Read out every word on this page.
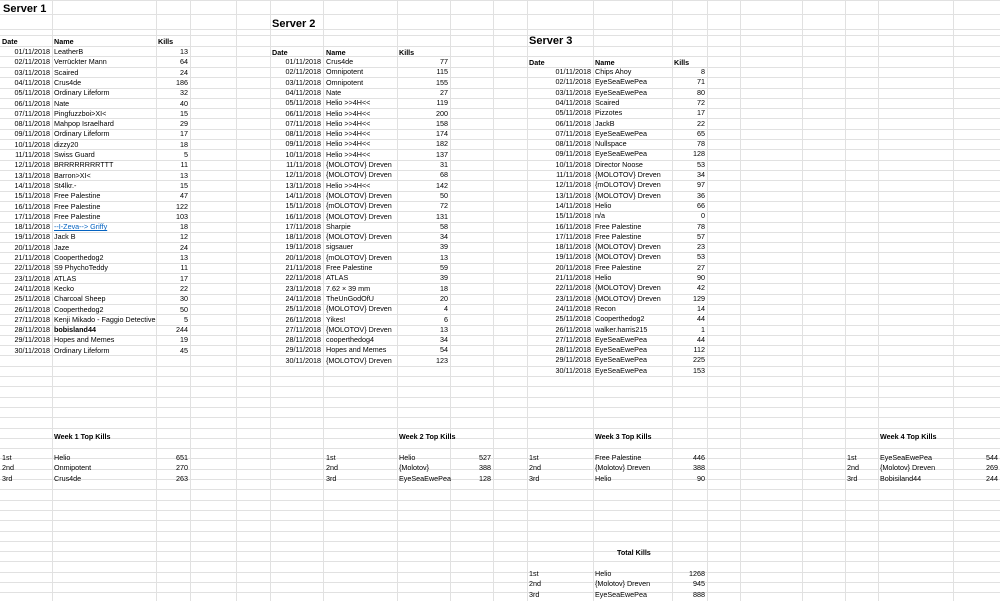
Server 1
Date	Name	Kills
01/11/2018 LeatherB	13
02/11/2018 Verrückter Mann	64
03/11/2018 Scaired	24
04/11/2018 Crus4de	186
05/11/2018 Ordinary Lifeform	32
06/11/2018 Nate	40
07/11/2018 Pingfuzzboi>XI<	15
08/11/2018 Mahpop Israelhard	29
09/11/2018 Ordinary Lifeform	17
10/11/2018 dizzy20	18
11/11/2018 Swiss Guard	5
12/11/2018 BRRRRRRRRTTT	11
13/11/2018 Barron>XI<	13
14/11/2018 St4lkr.-	15
15/11/2018 Free Palestine	47
16/11/2018 Free Palestine	122
17/11/2018 Free Palestine	103
18/11/2018 --I-Zeva--> Griffy	18
19/11/2018 Jack B	12
20/11/2018 Jaze	24
21/11/2018 Cooperthedog2	13
22/11/2018 S9 PhychoTeddy	11
23/11/2018 ATLAS	17
24/11/2018 Kecko	22
25/11/2018 Charcoal Sheep	30
26/11/2018 Cooperthedog2	50
27/11/2018 Kenji Mikado - Faggio Detective	5
28/11/2018 bobisland44	244
29/11/2018 Hopes and Memes	19
30/11/2018 Ordinary Lifeform	45
Server 2
Date	Name	Kills
01/11/2018 Crus4de	77
02/11/2018 Omnipotent	115
03/11/2018 Omnipotent	155
04/11/2018 Nate	27
05/11/2018 Helio >>4H<<	119
06/11/2018 Helio >>4H<<	200
07/11/2018 Helio >>4H<<	158
08/11/2018 Helio >>4H<<	174
09/11/2018 Helio >>4H<<	182
10/11/2018 Helio >>4H<<	137
11/11/2018 {MOLOTOV} Dreven	31
12/11/2018 {MOLOTOV} Dreven	68
13/11/2018 Helio >>4H<<	142
14/11/2018 {MOLOTOV} Dreven	50
15/11/2018 {mOLOTOV} Dreven	72
16/11/2018 {MOLOTOV} Dreven	131
17/11/2018 Sharpie	58
18/11/2018 {MOLOTOV} Dreven	34
19/11/2018 sigsauer	39
20/11/2018 {mOLOTOV} Dreven	13
21/11/2018 Free Palestine	59
22/11/2018 ATLAS	39
23/11/2018 7.62 × 39 mm	18
24/11/2018 TheUnGodOfU	20
25/11/2018 {MOLOTOV} Dreven	4
26/11/2018 Yikes!	6
27/11/2018 {MOLOTOV} Dreven	13
28/11/2018 cooperthedog4	34
29/11/2018 Hopes and Memes	54
30/11/2018 {MOLOTOV} Dreven	123
Server 3
Date	Name	Kills
01/11/2018 Chips Ahoy	8
02/11/2018 EyeSeaEwePea	71
03/11/2018 EyeSeaEwePea	80
04/11/2018 Scaired	72
05/11/2018 Pizzotes	17
06/11/2018 JackB	22
07/11/2018 EyeSeaEwePea	65
08/11/2018 Nullspace	78
09/11/2018 EyeSeaEwePea	128
10/11/2018 Director Noose	53
11/11/2018 {MOLOTOV} Dreven	34
12/11/2018 {mOLOTOV} Dreven	97
13/11/2018 {MOLOTOV} Dreven	36
14/11/2018 Helio	66
15/11/2018 n/a	0
16/11/2018 Free Palestine	78
17/11/2018 Free Palestine	57
18/11/2018 {MOLOTOV} Dreven	23
19/11/2018 {MOLOTOV} Dreven	53
20/11/2018 Free Palestine	27
21/11/2018 Helio	90
22/11/2018 {MOLOTOV} Dreven	42
23/11/2018 {MOLOTOV} Dreven	129
24/11/2018 Recon	14
25/11/2018 Cooperthedog2	44
26/11/2018 walker.harris215	1
27/11/2018 EyeSeaEwePea	44
28/11/2018 EyeSeaEwePea	112
29/11/2018 EyeSeaEwePea	225
30/11/2018 EyeSeaEwePea	153
Week 1 Top Kills	Week 2 Top Kills	Week 3 Top Kills	Week 4 Top Kills
Total Kills
1st	Helio	651
2nd	Onmipotent	270
3rd	Crus4de	263
1st	Helio	527
2nd	{Molotov}	388
3rd	EyeSeaEwePea	128
1st	Free Palestine	446
2nd	{Molotov} Dreven	388
3rd	Helio	90
1st	EyeSeaEwePea	544
2nd	{Molotov} Dreven	269
3rd	Bobisiland44	244
1st	Helio	1268
2nd	{Molotov} Dreven	945
3rd	EyeSeaEwePea	888
